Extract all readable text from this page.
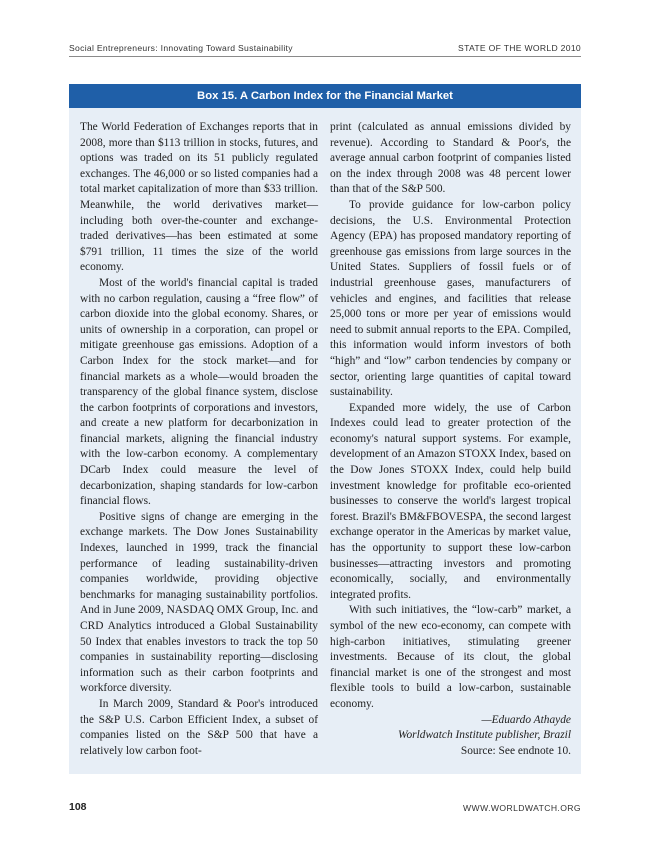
Social Entrepreneurs: Innovating Toward Sustainability	STATE OF THE WORLD 2010
Box 15. A Carbon Index for the Financial Market

The World Federation of Exchanges reports that in 2008, more than $113 trillion in stocks, futures, and options was traded on its 51 publicly regulated exchanges. The 46,000 or so listed companies had a total market capitalization of more than $33 trillion. Meanwhile, the world derivatives market—including both over-the-counter and exchange-traded derivatives—has been estimated at some $791 trillion, 11 times the size of the world economy.

Most of the world's financial capital is traded with no carbon regulation, causing a “free flow” of carbon dioxide into the global economy. Shares, or units of ownership in a corporation, can propel or mitigate greenhouse gas emissions. Adoption of a Carbon Index for the stock market—and for financial markets as a whole—would broaden the transparency of the global finance system, disclose the carbon footprints of corporations and investors, and create a new platform for decarbonization in financial markets, aligning the financial industry with the low-carbon economy. A complementary DCarb Index could measure the level of decarbonization, shaping standards for low-carbon financial flows.

Positive signs of change are emerging in the exchange markets. The Dow Jones Sustainability Indexes, launched in 1999, track the financial performance of leading sustainability-driven companies worldwide, providing objective benchmarks for managing sustainability portfolios. And in June 2009, NASDAQ OMX Group, Inc. and CRD Analytics introduced a Global Sustainability 50 Index that enables investors to track the top 50 companies in sustainability reporting—disclosing information such as their carbon footprints and workforce diversity.

In March 2009, Standard & Poor's introduced the S&P U.S. Carbon Efficient Index, a subset of companies listed on the S&P 500 that have a relatively low carbon foot-

print (calculated as annual emissions divided by revenue). According to Standard & Poor's, the average annual carbon footprint of companies listed on the index through 2008 was 48 percent lower than that of the S&P 500.

To provide guidance for low-carbon policy decisions, the U.S. Environmental Protection Agency (EPA) has proposed mandatory reporting of greenhouse gas emissions from large sources in the United States. Suppliers of fossil fuels or of industrial greenhouse gases, manufacturers of vehicles and engines, and facilities that release 25,000 tons or more per year of emissions would need to submit annual reports to the EPA. Compiled, this information would inform investors of both “high” and “low” carbon tendencies by company or sector, orienting large quantities of capital toward sustainability.

Expanded more widely, the use of Carbon Indexes could lead to greater protection of the economy's natural support systems. For example, development of an Amazon STOXX Index, based on the Dow Jones STOXX Index, could help build investment knowledge for profitable eco-oriented businesses to conserve the world's largest tropical forest. Brazil's BM&FBOVESPA, the second largest exchange operator in the Americas by market value, has the opportunity to support these low-carbon businesses—attracting investors and promoting economically, socially, and environmentally integrated profits.

With such initiatives, the “low-carb” market, a symbol of the new eco-economy, can compete with high-carbon initiatives, stimulating greener investments. Because of its clout, the global financial market is one of the strongest and most flexible tools to build a low-carbon, sustainable economy.

—Eduardo Athayde
Worldwatch Institute publisher, Brazil
Source: See endnote 10.
108	WWW.WORLDWATCH.ORG
